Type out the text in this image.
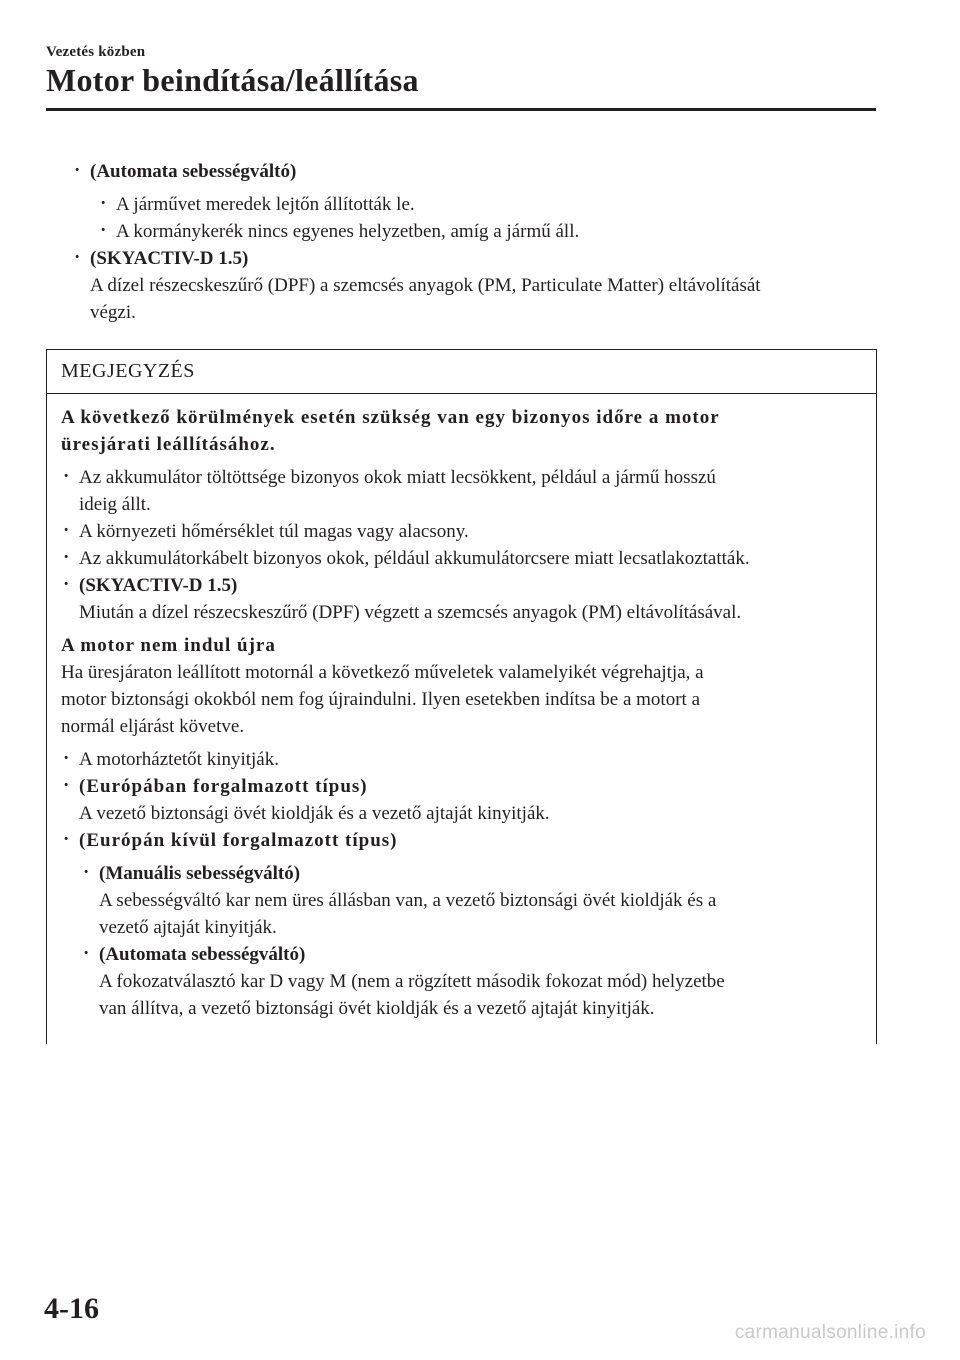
Vezetés közben
Motor beindítása/leállítása
· (Automata sebességváltó)
· A járművet meredek lejtőn állították le.
· A kormánykerék nincs egyenes helyzetben, amíg a jármű áll.
· (SKYACTIV-D 1.5)
A dízel részecskeszűrő (DPF) a szemcsés anyagok (PM, Particulate Matter) eltávolítását
végzi.
MEGJEGYZÉS
A következő körülmények esetén szükség van egy bizonyos időre a motor
üresjárati leállításához.
· Az akkumulátor töltöttsége bizonyos okok miatt lecsökkent, például a jármű hosszú
ideig állt.
· A környezeti hőmérséklet túl magas vagy alacsony.
· Az akkumulátorkábelt bizonyos okok, például akkumulátorcsere miatt lecsatlakoztatták.
· (SKYACTIV-D 1.5)
Miután a dízel részecskeszűrő (DPF) végzett a szemcsés anyagok (PM) eltávolításával.
A motor nem indul újra
Ha üresjáraton leállított motornál a következő műveletek valamelyikét végrehajtja, a
motor biztonsági okokból nem fog újraindulni. Ilyen esetekben indítsa be a motort a
normál eljárást követve.
· A motorháztetőt kinyitják.
· (Európában forgalmazott típus)
A vezető biztonsági övét kioldják és a vezető ajtaját kinyitják.
· (Európán kívül forgalmazott típus)
· (Manuális sebességváltó)
A sebességváltó kar nem üres állásban van, a vezető biztonsági övét kioldják és a
vezető ajtaját kinyitják.
· (Automata sebességváltó)
A fokozatválasztó kar D vagy M (nem a rögzített második fokozat mód) helyzetbe
van állítva, a vezető biztonsági övét kioldják és a vezető ajtaját kinyitják.
4-16
carmanualsonline.info
